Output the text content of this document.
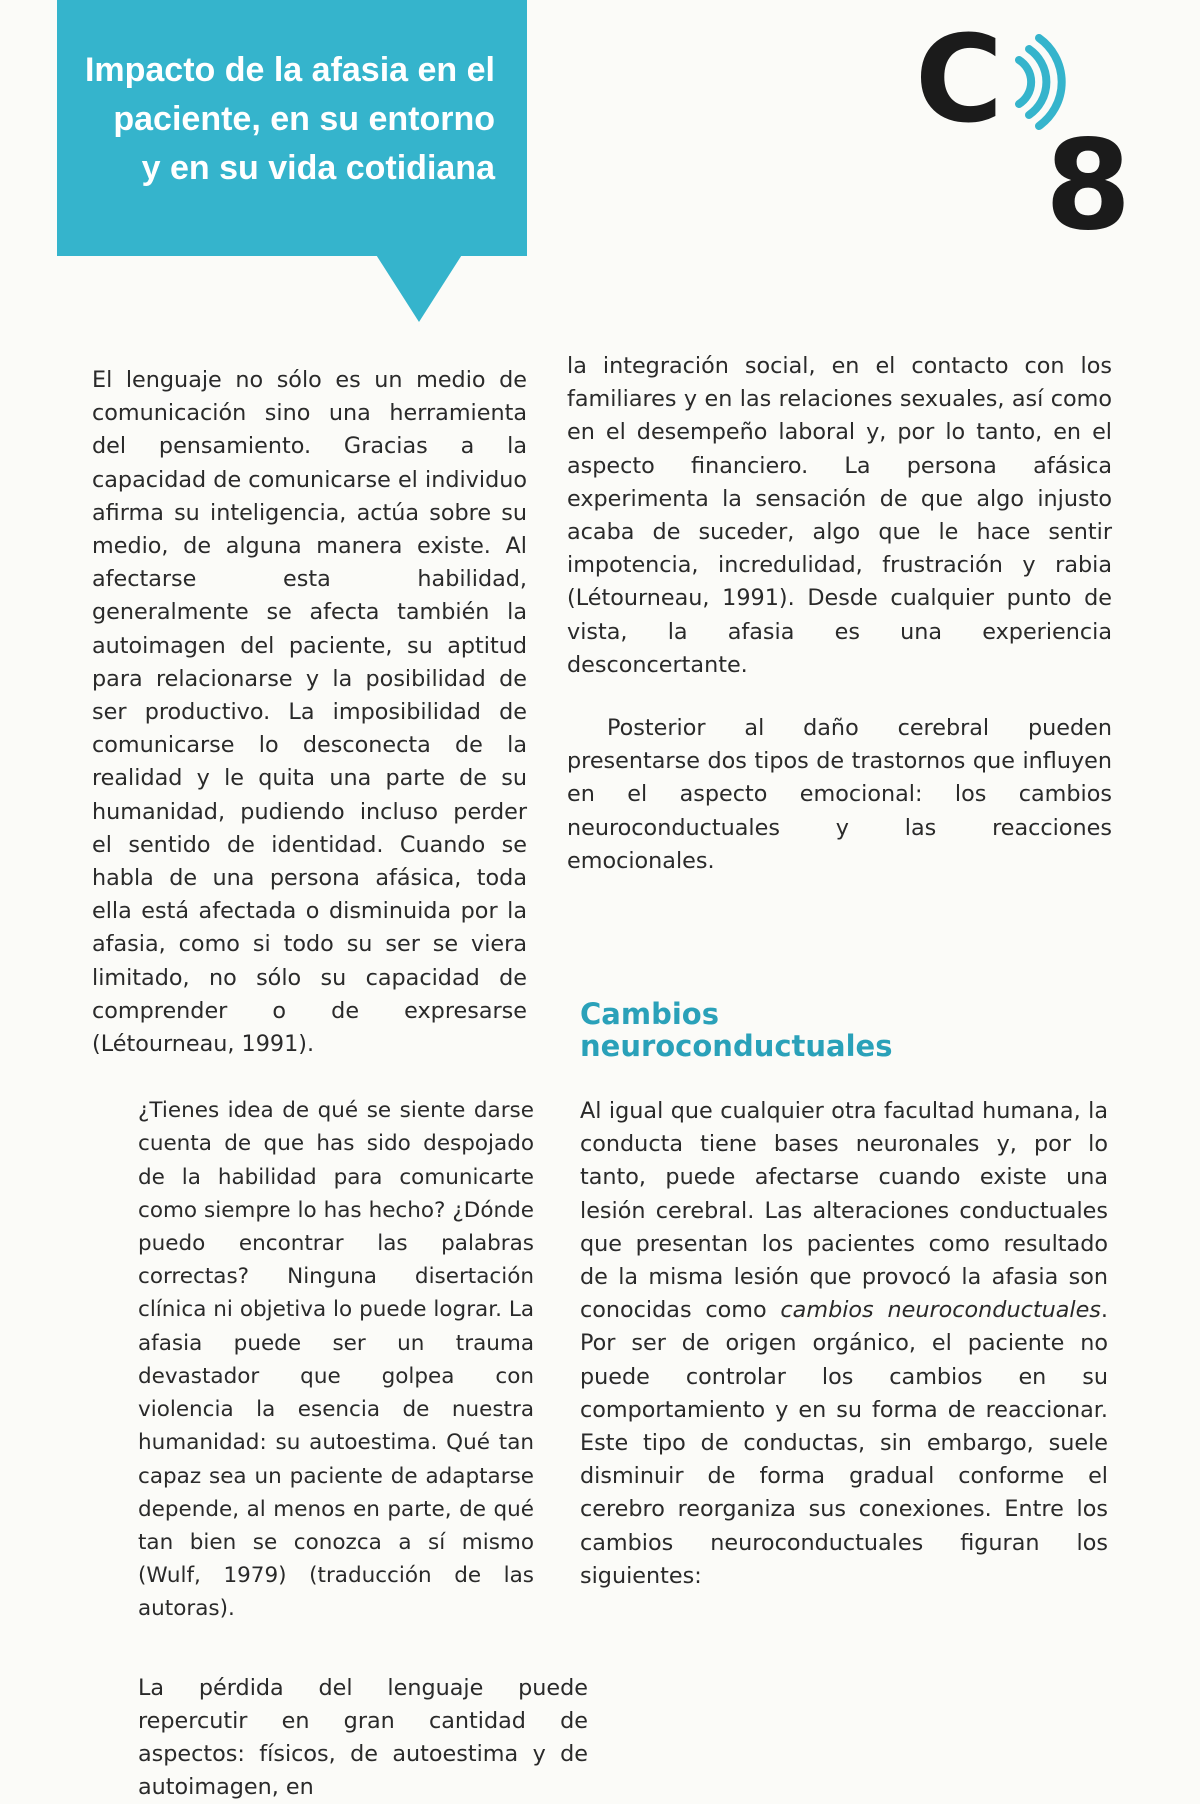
Impacto de la afasia en el
paciente, en su entorno
y en su vida cotidiana
C
8

El lenguaje no sólo es un medio de comunicación sino una herramienta del pensamiento. Gracias a la capacidad de comunicarse el individuo afirma su inteligencia, actúa sobre su medio, de alguna manera existe. Al afectarse esta habilidad, generalmente se afecta también la autoimagen del paciente, su aptitud para relacionarse y la posibilidad de ser productivo. La imposibilidad de comunicarse lo desconecta de la realidad y le quita una parte de su humanidad, pudiendo incluso perder el sentido de identidad. Cuando se habla de una persona afásica, toda ella está afectada o disminuida por la afasia, como si todo su ser se viera limitado, no sólo su capacidad de comprender o de expresarse (Létourneau, 1991).

¿Tienes idea de qué se siente darse cuenta de que has sido despojado de la habilidad para comunicarte como siempre lo has hecho? ¿Dónde puedo encontrar las palabras correctas? Ninguna disertación clínica ni objetiva lo puede lograr. La afasia puede ser un trauma devastador que golpea con violencia la esencia de nuestra humanidad: su autoestima. Qué tan capaz sea un paciente de adaptarse depende, al menos en parte, de qué tan bien se conozca a sí mismo (Wulf, 1979) (traducción de las autoras).

La pérdida del lenguaje puede repercutir en gran cantidad de aspectos: físicos, de autoestima y de autoimagen, en

la integración social, en el contacto con los familiares y en las relaciones sexuales, así como en el desempeño laboral y, por lo tanto, en el aspecto financiero. La persona afásica experimenta la sensación de que algo injusto acaba de suceder, algo que le hace sentir impotencia, incredulidad, frustración y rabia (Létourneau, 1991). Desde cualquier punto de vista, la afasia es una experiencia desconcertante.

Posterior al daño cerebral pueden presentarse dos tipos de trastornos que influyen en el aspecto emocional: los cambios neuroconductuales y las reacciones emocionales.

Cambios
neuroconductuales

Al igual que cualquier otra facultad humana, la conducta tiene bases neuronales y, por lo tanto, puede afectarse cuando existe una lesión cerebral. Las alteraciones conductuales que presentan los pacientes como resultado de la misma lesión que provocó la afasia son conocidas como cambios neuroconductuales. Por ser de origen orgánico, el paciente no puede controlar los cambios en su comportamiento y en su forma de reaccionar. Este tipo de conductas, sin embargo, suele disminuir de forma gradual conforme el cerebro reorganiza sus conexiones. Entre los cambios neuroconductuales figuran los siguientes:
